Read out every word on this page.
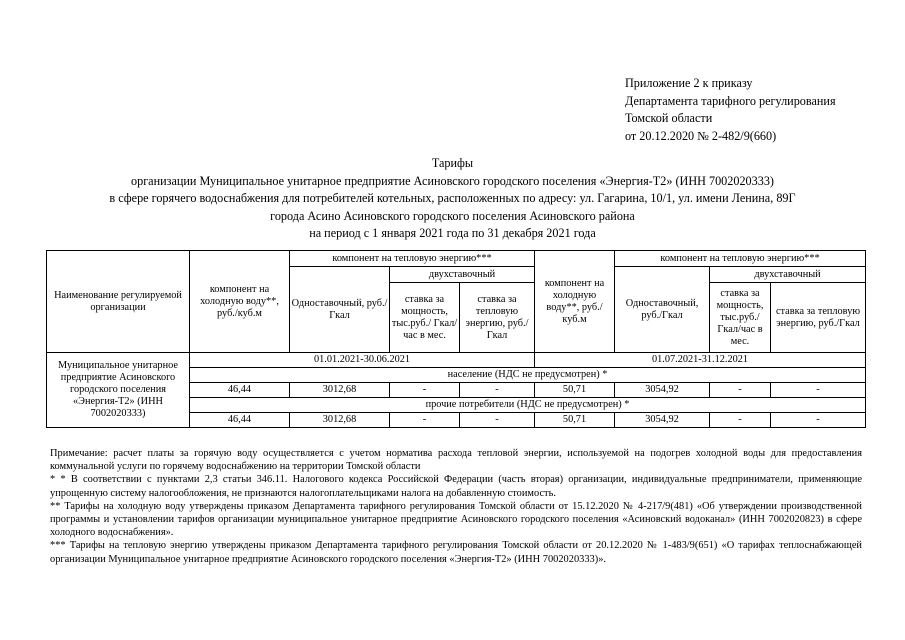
Приложение 2 к приказу
Департамента тарифного регулирования
Томской области
от 20.12.2020 № 2-482/9(660)
Тарифы
организации Муниципальное унитарное предприятие Асиновского городского поселения «Энергия-Т2» (ИНН 7002020333)
в сфере горячего водоснабжения для потребителей котельных, расположенных по адресу: ул. Гагарина, 10/1, ул. имени Ленина, 89Г
города Асино Асиновского городского поселения Асиновского района
на период с 1 января 2021 года по 31 декабря 2021 года
Наименование регулируемой организации	компонент на холодную воду**, руб./куб.м	компонент на тепловую энергию***			компонент на холодную воду**, руб./куб.м	компонент на тепловую энергию***		
		Одноставочный, руб./Гкал	двухставочный			Одноставочный, руб./Гкал	двухставочный	
			ставка за мощность, тыс.руб./ Гкал/час в мес.	ставка за тепловую энергию, руб./Гкал			ставка за мощность, тыс.руб./ Гкал/час в мес.	ставка за тепловую энергию, руб./Гкал
Муниципальное унитарное предприятие Асиновского городского поселения «Энергия-Т2» (ИНН 7002020333)	01.01.2021-30.06.2021				01.07.2021-31.12.2021			
	население (НДС не предусмотрен) *							
	46,44	3012,68	-	-	50,71	3054,92	-	-
	прочие потребители (НДС не предусмотрен) *							
	46,44	3012,68	-	-	50,71	3054,92	-	-

Примечание: расчет платы за горячую воду осуществляется с учетом норматива расхода тепловой энергии, используемой на подогрев холодной воды для предоставления коммунальной услуги по горячему водоснабжению на территории Томской области

* * В соответствии с пунктами 2,3 статьи 346.11. Налогового кодекса Российской Федерации (часть вторая) организации, индивидуальные предприниматели, применяющие упрощенную систему налогообложения, не признаются налогоплательщиками налога на добавленную стоимость.

** Тарифы на холодную воду утверждены приказом Департамента тарифного регулирования Томской области от 15.12.2020 № 4-217/9(481) «Об утверждении производственной программы и установлении тарифов организации муниципальное унитарное предприятие Асиновского городского поселения «Асиновский водоканал» (ИНН 7002020823) в сфере холодного водоснабжения».

*** Тарифы на тепловую энергию утверждены приказом Департамента тарифного регулирования Томской области от 20.12.2020 № 1-483/9(651) «О тарифах теплоснабжающей организации Муниципальное унитарное предприятие Асиновского городского поселения «Энергия-Т2» (ИНН 7002020333)».
